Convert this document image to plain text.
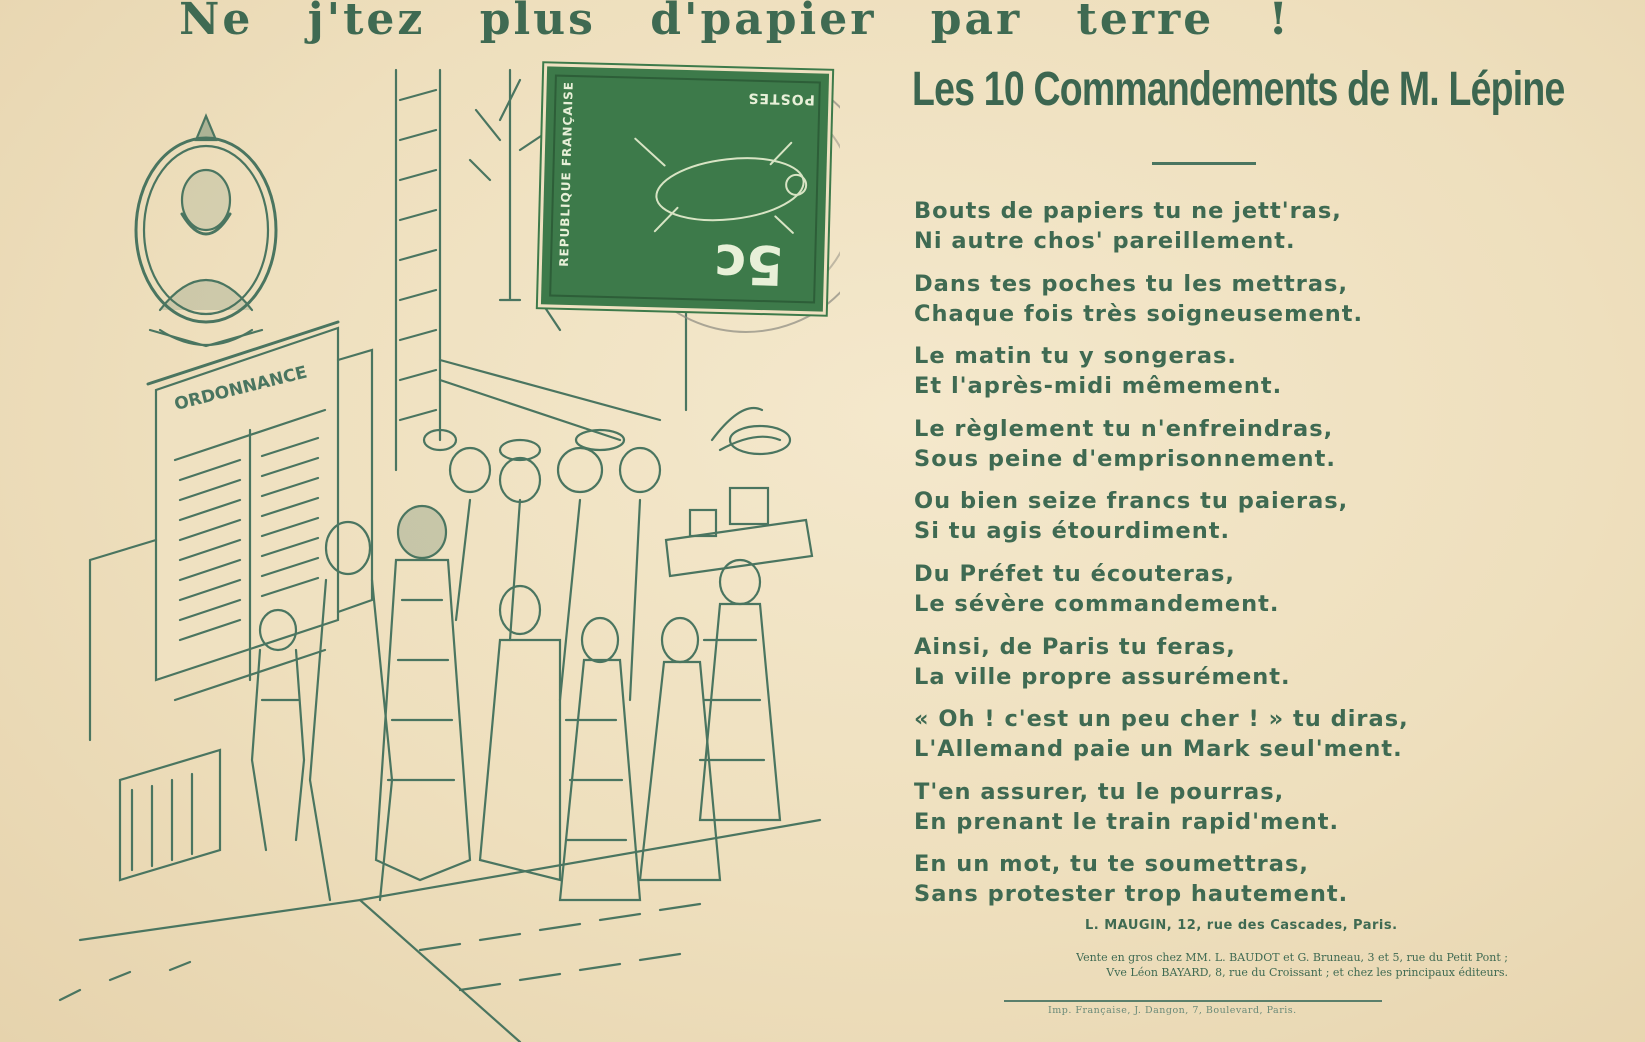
Ne j'tez plus d'papier par terre !
ORDONNANCE
REPUBLIQUE FRANÇAISE	POSTES
5c
Les 10 Commandements de M. Lépine
Bouts de papiers tu ne jett'ras,
Ni autre chos' pareillement.
Dans tes poches tu les mettras,
Chaque fois très soigneusement.
Le matin tu y songeras.
Et l'après-midi mêmement.
Le règlement tu n'enfreindras,
Sous peine d'emprisonnement.
Ou bien seize francs tu paieras,
Si tu agis étourdiment.
Du Préfet tu écouteras,
Le sévère commandement.
Ainsi, de Paris tu feras,
La ville propre assurément.
« Oh ! c'est un peu cher ! » tu diras,
L'Allemand paie un Mark seul'ment.
T'en assurer, tu le pourras,
En prenant le train rapid'ment.
En un mot, tu te soumettras,
Sans protester trop hautement.
L. MAUGIN, 12, rue des Cascades, Paris.
Vente en gros chez MM. L. BAUDOT et G. Bruneau, 3 et 5, rue du Petit Pont ;
Vve Léon BAYARD, 8, rue du Croissant ; et chez les principaux éditeurs.
Imp. Française, J. Dangon, 7, Boulevard, Paris.
